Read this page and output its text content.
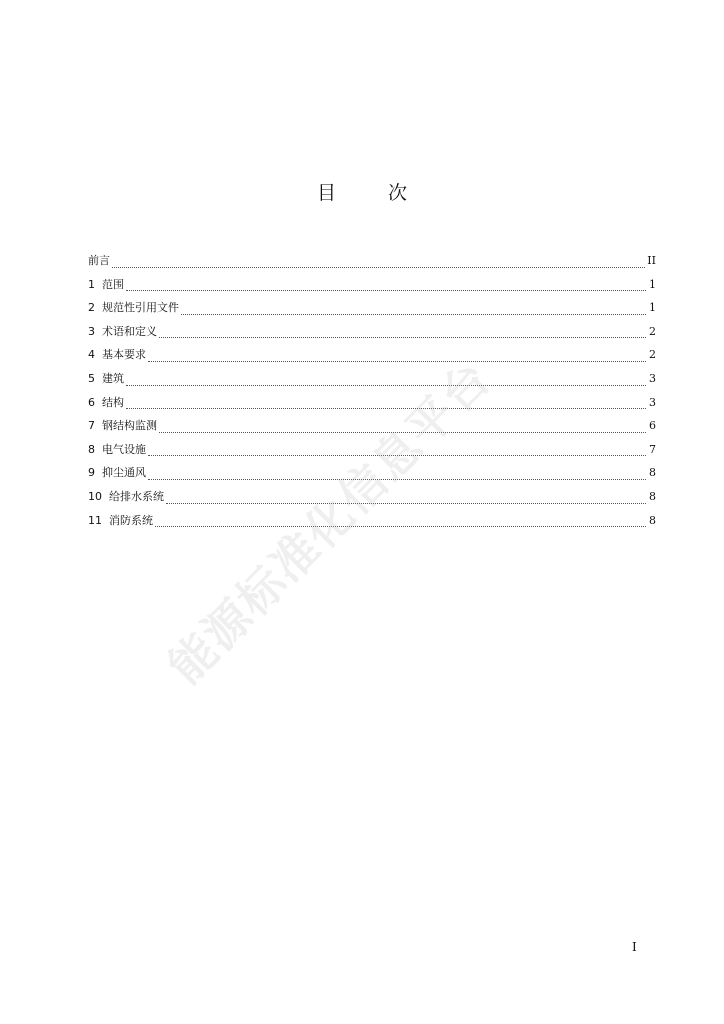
目	次
前言	II
1  范围	1
2  规范性引用文件	1
3  术语和定义	2
4  基本要求	2
5  建筑	3
6  结构	3
7  钢结构监测	6
8  电气设施	7
9  抑尘通风	8
10  给排水系统	8
11  消防系统	8
能源标准化信息平台
I
